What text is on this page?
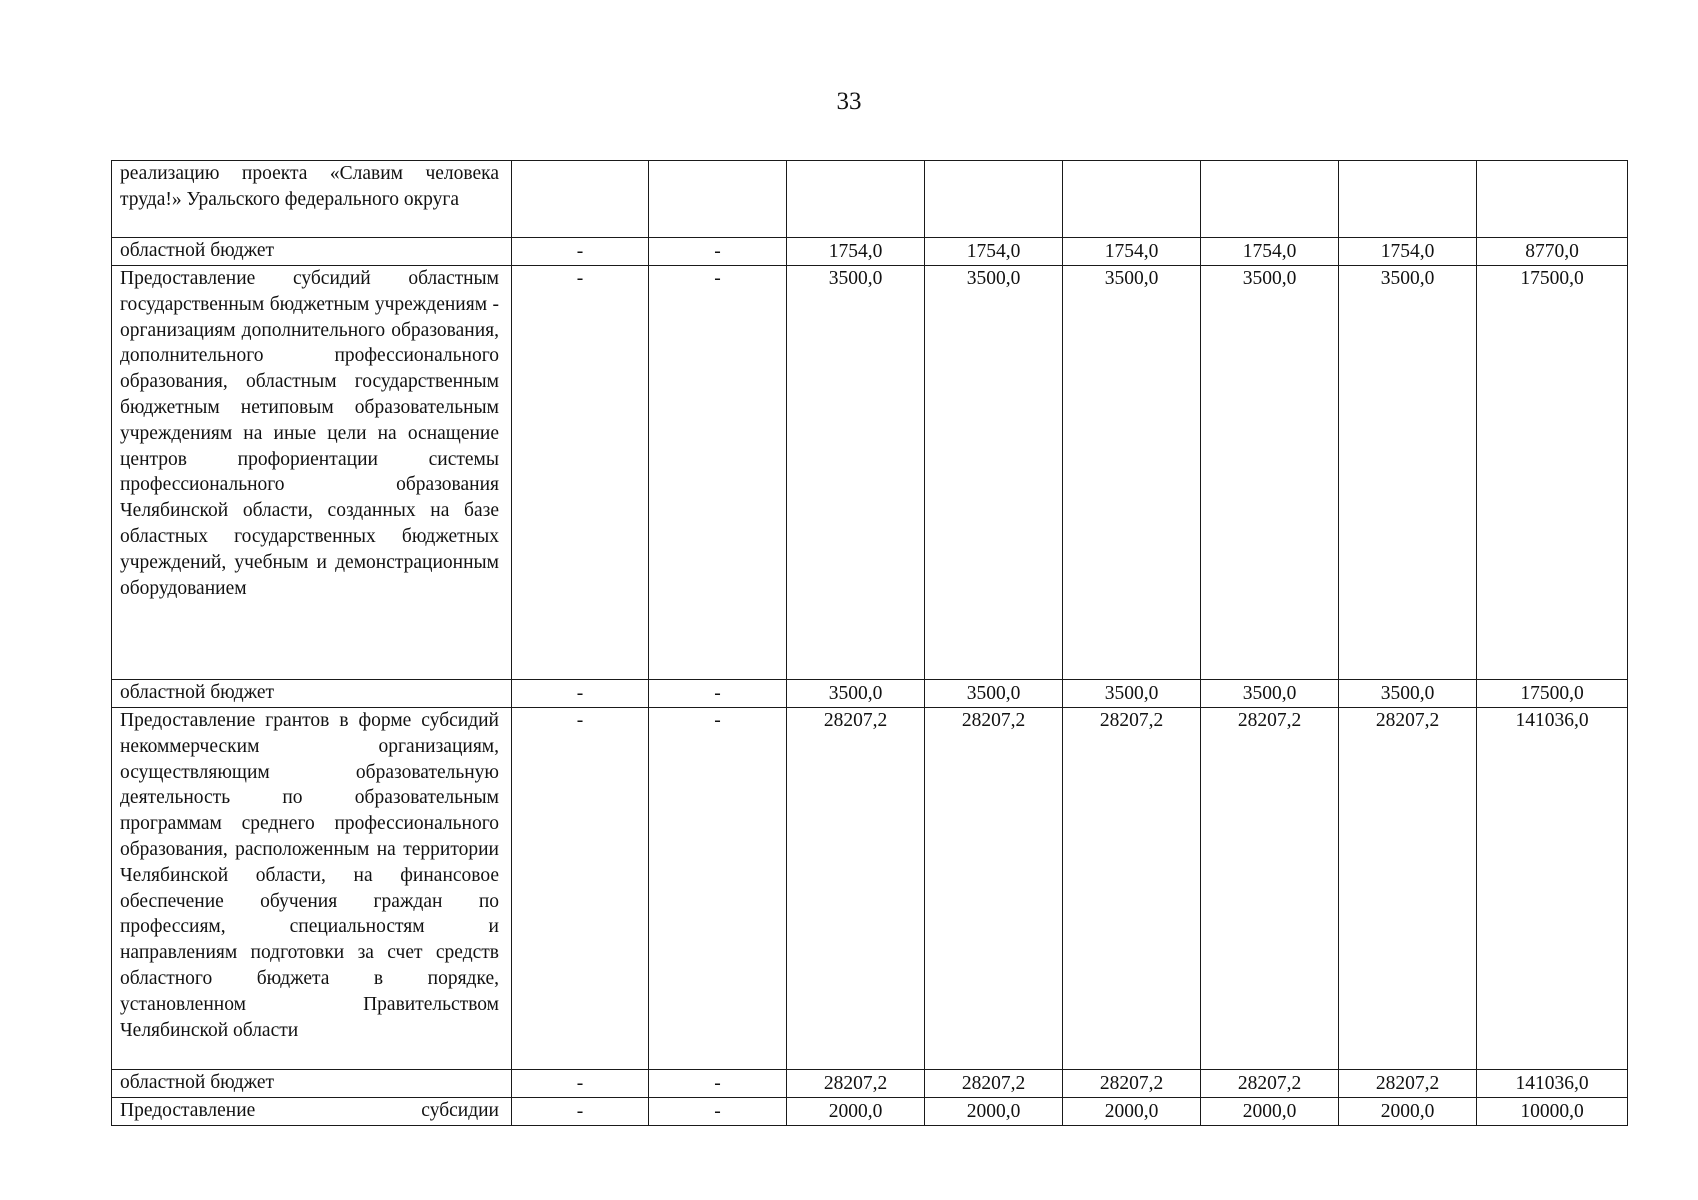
33
реализацию проекта «Славим человека труда!» Уральского федерального округа								
областной бюджет	-	-	1754,0	1754,0	1754,0	1754,0	1754,0	8770,0
Предоставление субсидий областным государственным бюджетным учреждениям - организациям дополнительного образования, дополнительного профессионального образования, областным государственным бюджетным нетиповым образовательным учреждениям на иные цели на оснащение центров профориентации системы профессионального образования Челябинской области, созданных на базе областных государственных бюджетных учреждений, учебным и демонстрационным оборудованием	-	-	3500,0	3500,0	3500,0	3500,0	3500,0	17500,0
областной бюджет	-	-	3500,0	3500,0	3500,0	3500,0	3500,0	17500,0
Предоставление грантов в форме субсидий некоммерческим организациям, осуществляющим образовательную деятельность по образовательным программам среднего профессионального образования, расположенным на территории Челябинской области, на финансовое обеспечение обучения граждан по профессиям, специальностям и направлениям подготовки за счет средств областного бюджета в порядке, установленном Правительством Челябинской области	-	-	28207,2	28207,2	28207,2	28207,2	28207,2	141036,0
областной бюджет	-	-	28207,2	28207,2	28207,2	28207,2	28207,2	141036,0

Предоставление субсидии	-	-	2000,0	2000,0	2000,0	2000,0	2000,0	10000,0
